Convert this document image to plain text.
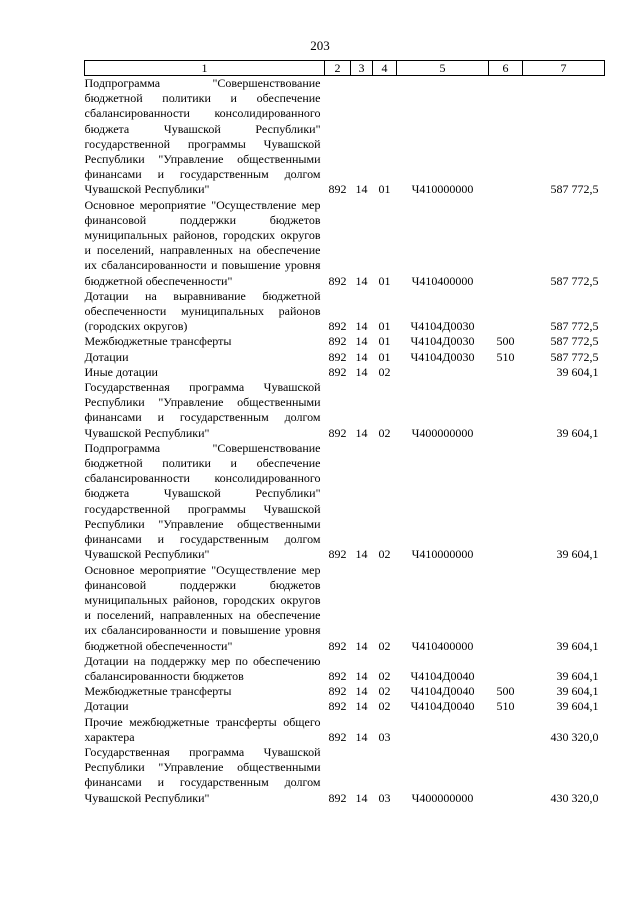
203
1	2	3	4	5	6	7
Подпрограмма "Совершенствование бюджетной политики и обеспечение сбалансированности консолидированного бюджета Чувашской Республики" государственной программы Чувашской Республики "Управление общественными финансами и государственным долгом Чувашской Республики"	892	14	01	Ч410000000		587 772,5
Основное мероприятие "Осуществление мер финансовой поддержки бюджетов муниципальных районов, городских округов и поселений, направленных на обеспечение их сбалансированности и повышение уровня бюджетной обеспеченности"	892	14	01	Ч410400000		587 772,5
Дотации на выравнивание бюджетной обеспеченности муниципальных районов (городских округов)	892	14	01	Ч4104Д0030		587 772,5
Межбюджетные трансферты	892	14	01	Ч4104Д0030	500	587 772,5
Дотации	892	14	01	Ч4104Д0030	510	587 772,5
Иные дотации	892	14	02			39 604,1
Государственная программа Чувашской Республики "Управление общественными финансами и государственным долгом Чувашской Республики"	892	14	02	Ч400000000		39 604,1
Подпрограмма "Совершенствование бюджетной политики и обеспечение сбалансированности консолидированного бюджета Чувашской Республики" государственной программы Чувашской Республики "Управление общественными финансами и государственным долгом Чувашской Республики"	892	14	02	Ч410000000		39 604,1
Основное мероприятие "Осуществление мер финансовой поддержки бюджетов муниципальных районов, городских округов и поселений, направленных на обеспечение их сбалансированности и повышение уровня бюджетной обеспеченности"	892	14	02	Ч410400000		39 604,1
Дотации на поддержку мер по обеспечению сбалансированности бюджетов	892	14	02	Ч4104Д0040		39 604,1
Межбюджетные трансферты	892	14	02	Ч4104Д0040	500	39 604,1
Дотации	892	14	02	Ч4104Д0040	510	39 604,1
Прочие межбюджетные трансферты общего характера	892	14	03			430 320,0
Государственная программа Чувашской Республики "Управление общественными финансами и государственным долгом Чувашской Республики"	892	14	03	Ч400000000		430 320,0
